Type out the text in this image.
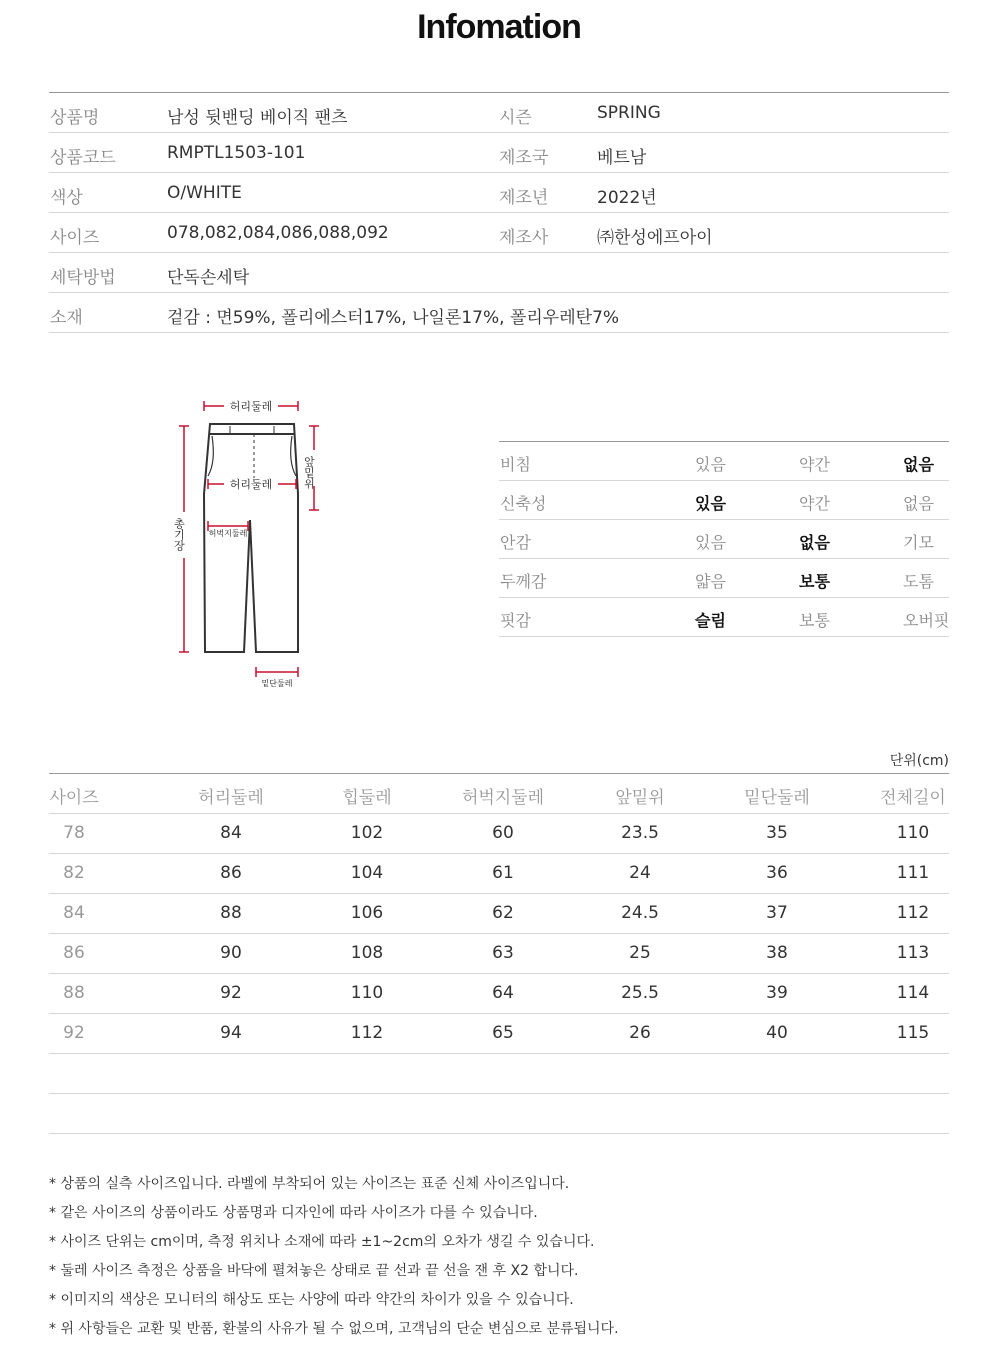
Infomation
상품명	남성 뒷밴딩 베이직 팬츠	시즌	SPRING
상품코드	RMPTL1503-101	제조국	베트남
색상	O/WHITE	제조년	2022년
사이즈	078,082,084,086,088,092	제조사	㈜한성에프아이
세탁방법	단독손세탁
소재	겉감 : 면59%, 폴리에스터17%, 나일론17%, 폴리우레탄7%
허리둘레
허리둘레	앞밑위
총기장	허벅지둘레
밑단둘레
비침	있음	약간	없음
신축성	있음	약간	없음
안감	있음	없음	기모
두께감	얇음	보통	도톰
핏감	슬림	보통	오버핏
단위(cm)
사이즈	허리둘레	힙둘레	허벅지둘레	앞밑위	밑단둘레	전체길이
78	84	102	60	23.5	35	110
82	86	104	61	24	36	111
84	88	106	62	24.5	37	112
86	90	108	63	25	38	113
88	92	110	64	25.5	39	114
92	94	112	65	26	40	115
* 상품의 실측 사이즈입니다. 라벨에 부착되어 있는 사이즈는 표준 신체 사이즈입니다.
* 같은 사이즈의 상품이라도 상품명과 디자인에 따라 사이즈가 다를 수 있습니다.
* 사이즈 단위는 cm이며, 측정 위치나 소재에 따라 ±1~2cm의 오차가 생길 수 있습니다.
* 둘레 사이즈 측정은 상품을 바닥에 펼쳐놓은 상태로 끝 선과 끝 선을 잰 후 X2 합니다.
* 이미지의 색상은 모니터의 해상도 또는 사양에 따라 약간의 차이가 있을 수 있습니다.
* 위 사항들은 교환 및 반품, 환불의 사유가 될 수 없으며, 고객님의 단순 변심으로 분류됩니다.
